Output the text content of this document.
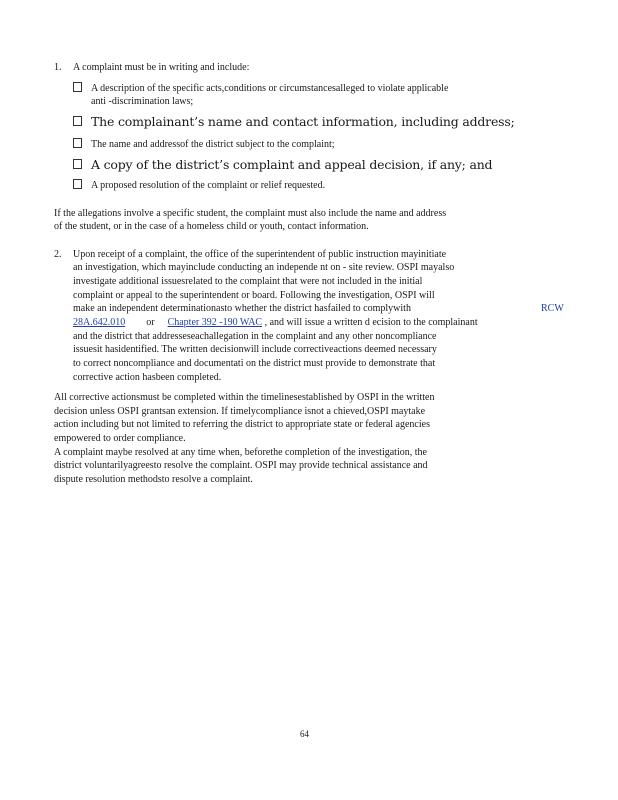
1. A complaint must be in writing and include:
A description of the specific acts,conditions or circumstancesalleged to violate applicable
anti -discrimination laws;
The complainant’s name and contact information, including address;
The name and addressof the district subject to the complaint;
A copy of the district’s complaint and appeal decision, if any; and
A proposed resolution of the complaint or relief requested.
If the allegations involve a specific student, the complaint must also include the name and address
of the student, or in the case of a homeless child or youth, contact information.
2. Upon receipt of a complaint, the office of the superintendent of public instruction mayinitiate
an investigation, which mayinclude conducting an independe nt on - site review. OSPI mayalso
investigate additional issuesrelated to the complaint that were not included in the initial
complaint or appeal to the superintendent or board. Following the investigation, OSPI will
make an independent determinationasto whether the district hasfailed to complywith	RCW
28A.642.010 or Chapter 392 -190 WAC , and will issue a written d ecision to the complainant
and the district that addresseseachallegation in the complaint and any other noncompliance
issuesit hasidentified. The written decisionwill include correctiveactions deemed necessary
to correct noncompliance and documentati on the district must provide to demonstrate that
corrective action hasbeen completed.
All corrective actionsmust be completed within the timelinesestablished by OSPI in the written
decision unless OSPI grantsan extension. If timelycompliance isnot a chieved,OSPI maytake
action including but not limited to referring the district to appropriate state or federal agencies
empowered to order compliance.
A complaint maybe resolved at any time when, beforethe completion of the investigation, the
district voluntarilyagreesto resolve the complaint. OSPI may provide technical assistance and
dispute resolution methodsto resolve a complaint.
64
